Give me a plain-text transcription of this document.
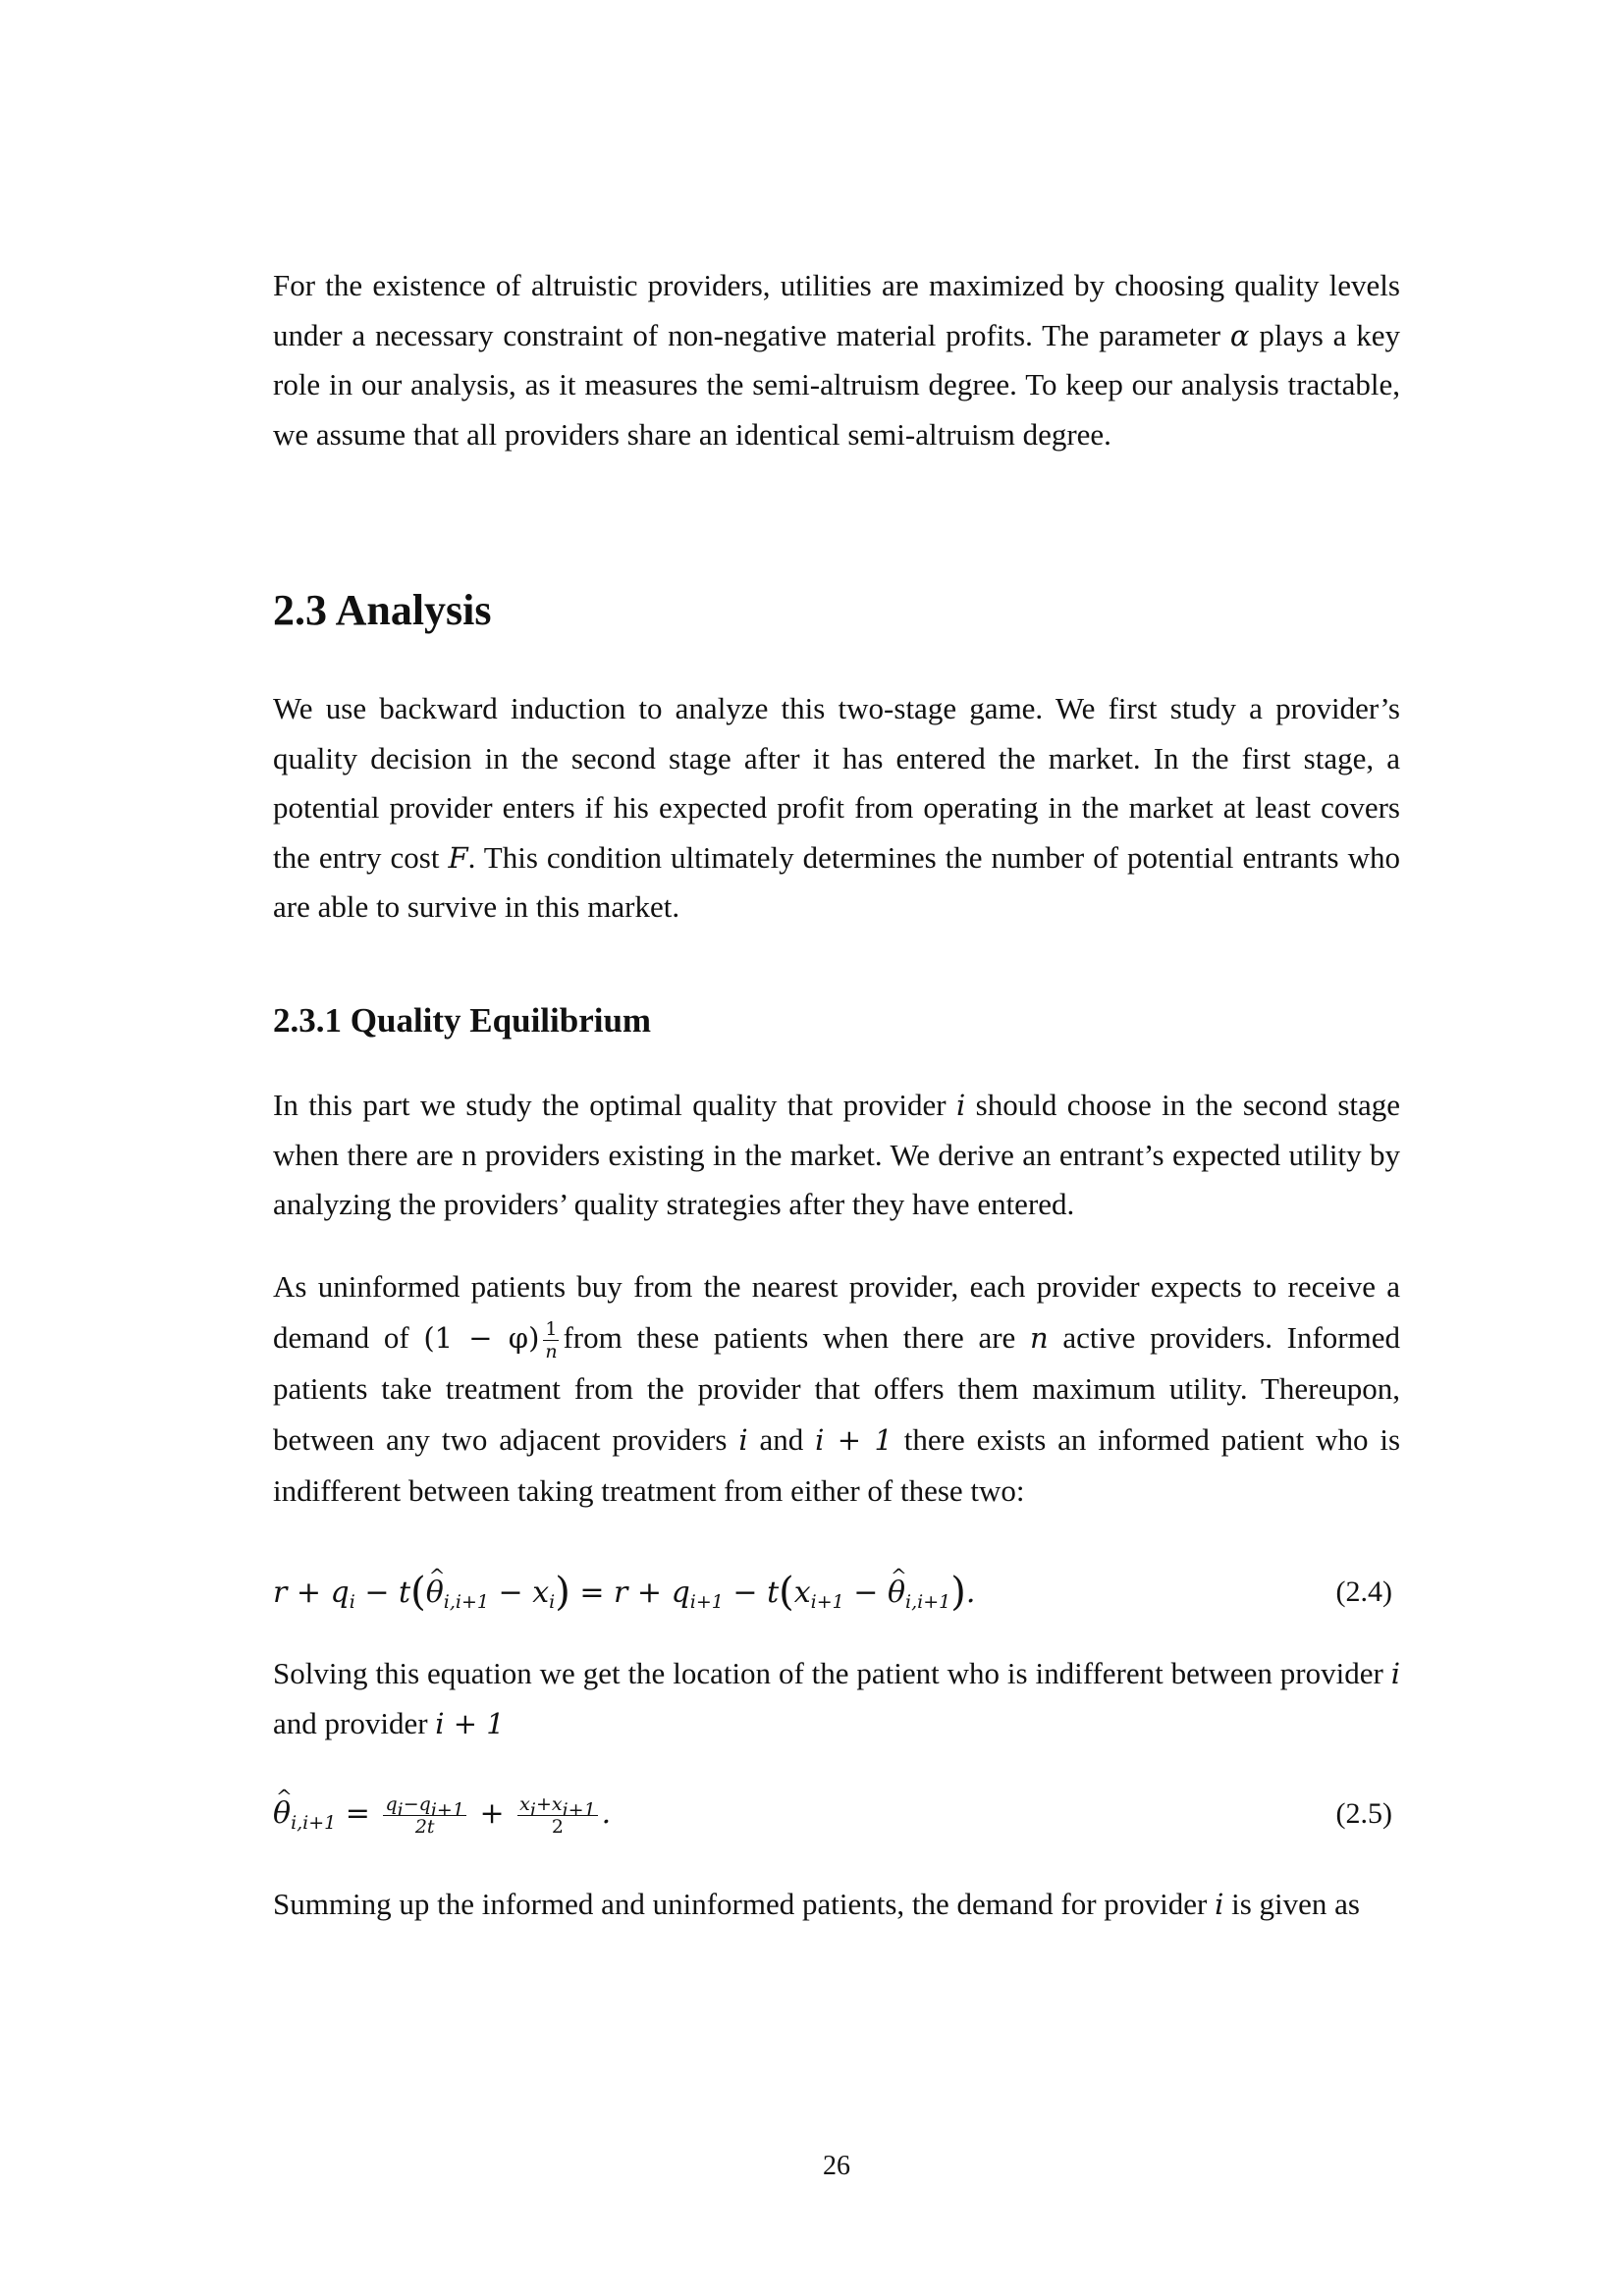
For the existence of altruistic providers, utilities are maximized by choosing quality levels under a necessary constraint of non-negative material profits. The parameter α plays a key role in our analysis, as it measures the semi-altruism degree. To keep our analysis tractable, we assume that all providers share an identical semi-altruism degree.

2.3 Analysis

We use backward induction to analyze this two-stage game. We first study a provider’s quality decision in the second stage after it has entered the market. In the first stage, a potential provider enters if his expected profit from operating in the market at least covers the entry cost F. This condition ultimately determines the number of potential entrants who are able to survive in this market.

2.3.1 Quality Equilibrium

In this part we study the optimal quality that provider i should choose in the second stage when there are n providers existing in the market. We derive an entrant’s expected utility by analyzing the providers’ quality strategies after they have entered.

As uninformed patients buy from the nearest provider, each provider expects to receive a demand of $(1 - \varphi) \frac{1}{n}$ from these patients when there are n active providers. Informed patients take treatment from the provider that offers them maximum utility. Thereupon, between any two adjacent providers i and i + 1 there exists an informed patient who is indifferent between taking treatment from either of these two:

$r + q_i$ − t(^ $\theta_{i,i+1} - x_i) = r + q_{i+1} - t(x_{i+1}$ − ^ $\theta_{i,i+1}$).	(2.4)

Solving this equation we get the location of the patient who is indifferent between provider i and provider i + 1

^ $\theta_{i,i+1} = \frac{q_i-q_{i+1}}{2t} + \frac{x_i+x_{i+1}}{2}$ .	(2.5)

Summing up the informed and uninformed patients, the demand for provider i is given as

26
